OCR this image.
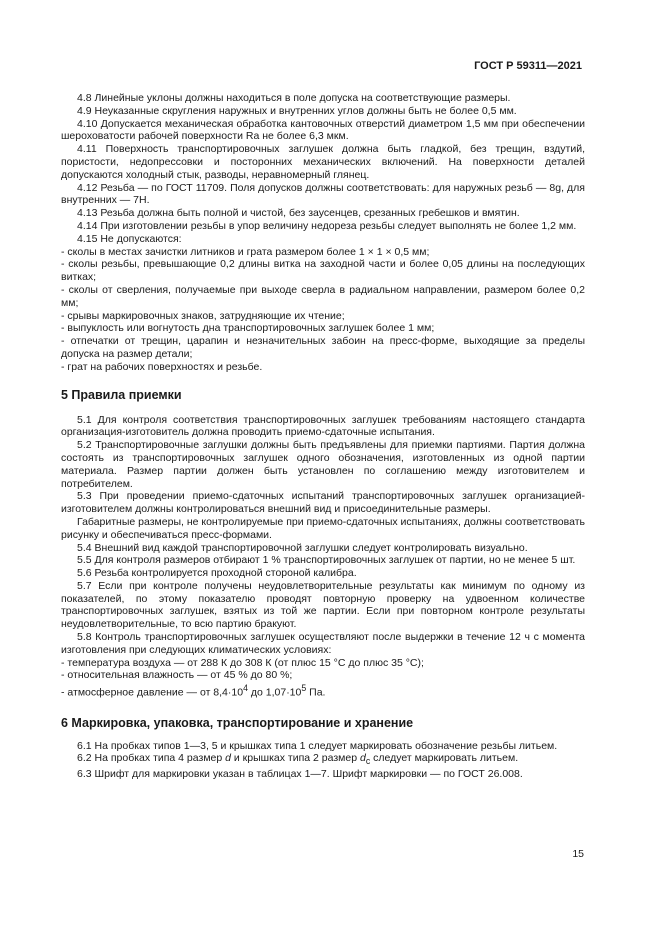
ГОСТ Р 59311—2021

4.8 Линейные уклоны должны находиться в поле допуска на соответствующие размеры.

4.9 Неуказанные скругления наружных и внутренних углов должны быть не более 0,5 мм.

4.10 Допускается механическая обработка кантовочных отверстий диаметром 1,5 мм при обеспечении шероховатости рабочей поверхности Ra не более 6,3 мкм.

4.11 Поверхность транспортировочных заглушек должна быть гладкой, без трещин, вздутий, пористости, недопрессовки и посторонних механических включений. На поверхности деталей допускаются холодный стык, разводы, неравномерный глянец.

4.12 Резьба — по ГОСТ 11709. Поля допусков должны соответствовать: для наружных резьб — 8g, для внутренних — 7H.

4.13 Резьба должна быть полной и чистой, без заусенцев, срезанных гребешков и вмятин.

4.14 При изготовлении резьбы в упор величину недореза резьбы следует выполнять не более 1,2 мм.

4.15 Не допускаются:

- сколы в местах зачистки литников и грата размером более 1 × 1 × 0,5 мм;

- сколы резьбы, превышающие 0,2 длины витка на заходной части и более 0,05 длины на последующих витках;

- сколы от сверления, получаемые при выходе сверла в радиальном направлении, размером более 0,2 мм;

- срывы маркировочных знаков, затрудняющие их чтение;

- выпуклость или вогнутость дна транспортировочных заглушек более 1 мм;

- отпечатки от трещин, царапин и незначительных забоин на пресс-форме, выходящие за пределы допуска на размер детали;

- грат на рабочих поверхностях и резьбе.

5 Правила приемки

5.1 Для контроля соответствия транспортировочных заглушек требованиям настоящего стандарта организация-изготовитель должна проводить приемо-сдаточные испытания.

5.2 Транспортировочные заглушки должны быть предъявлены для приемки партиями. Партия должна состоять из транспортировочных заглушек одного обозначения, изготовленных из одной партии материала. Размер партии должен быть установлен по соглашению между изготовителем и потребителем.

5.3 При проведении приемо-сдаточных испытаний транспортировочных заглушек организацией-изготовителем должны контролироваться внешний вид и присоединительные размеры.

Габаритные размеры, не контролируемые при приемо-сдаточных испытаниях, должны соответствовать рисунку и обеспечиваться пресс-формами.

5.4 Внешний вид каждой транспортировочной заглушки следует контролировать визуально.

5.5 Для контроля размеров отбирают 1 % транспортировочных заглушек от партии, но не менее 5 шт.

5.6 Резьба контролируется проходной стороной калибра.

5.7 Если при контроле получены неудовлетворительные результаты как минимум по одному из показателей, по этому показателю проводят повторную проверку на удвоенном количестве транспортировочных заглушек, взятых из той же партии. Если при повторном контроле результаты неудовлетворительные, то всю партию бракуют.

5.8 Контроль транспортировочных заглушек осуществляют после выдержки в течение 12 ч с момента изготовления при следующих климатических условиях:

- температура воздуха — от 288 К до 308 К (от плюс 15 °С до плюс 35 °С);

- относительная влажность — от 45 % до 80 %;

- атмосферное давление — от $8,4\cdot 10^4$ до $1,07\cdot 10^5$ Па.

6 Маркировка, упаковка, транспортирование и хранение

6.1 На пробках типов 1—3, 5 и крышках типа 1 следует маркировать обозначение резьбы литьем.

6.2 На пробках типа 4 размер d и крышках типа 2 размер $d_c$ следует маркировать литьем.

6.3 Шрифт для маркировки указан в таблицах 1—7. Шрифт маркировки — по ГОСТ 26.008.

15
